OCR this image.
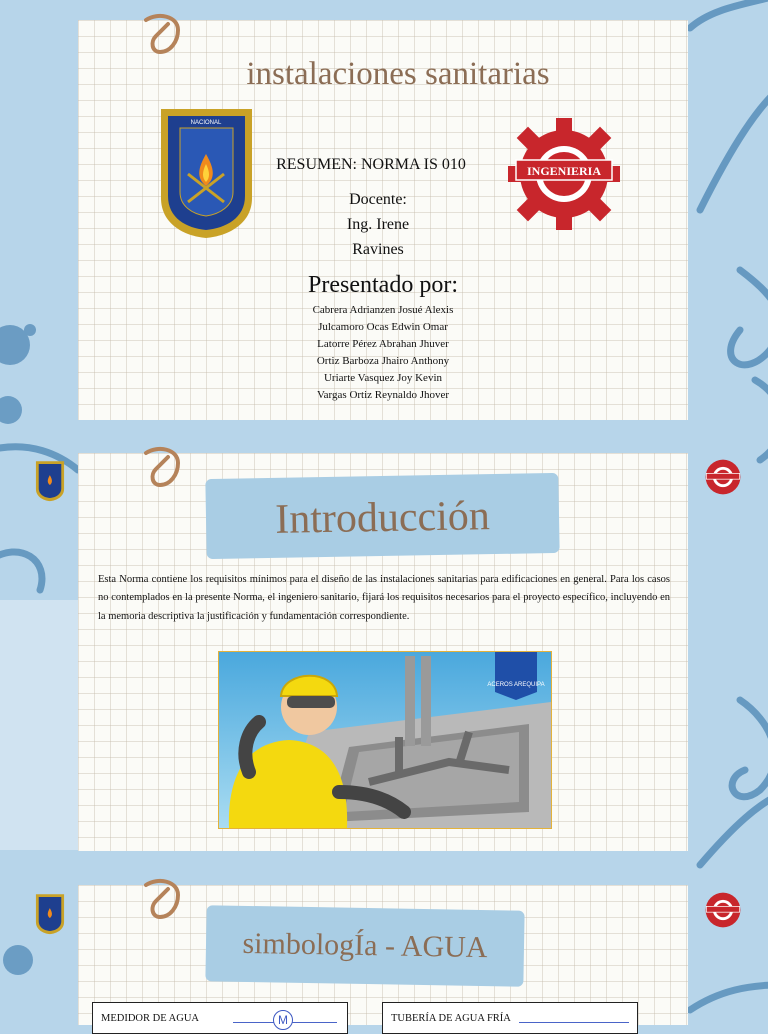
instalaciones sanitarias
NACIONAL
RESUMEN: NORMA IS 010
Docente:
Ing. Irene
Ravines
INGENIERIA
Presentado por:
Cabrera Adrianzen Josué Alexis
Julcamoro Ocas Edwin Omar
Latorre Pérez Abrahan Jhuver
Ortiz Barboza Jhairo Anthony
Uriarte Vasquez Joy Kevin
Vargas Ortiz Reynaldo Jhover
Introducción
Esta Norma contiene los requisitos mínimos para el diseño de las instalaciones sanitarias para edificaciones en general. Para los casos no contemplados en la presente Norma, el ingeniero sanitario, fijará los requisitos necesarios para el proyecto específico, incluyendo en la memoria descriptiva la justificación y fundamentación correspondiente.
ACEROS AREQUIPA
simbologÍa - AGUA
MEDIDOR DE AGUA	M	TUBERÍA DE AGUA FRÍA
